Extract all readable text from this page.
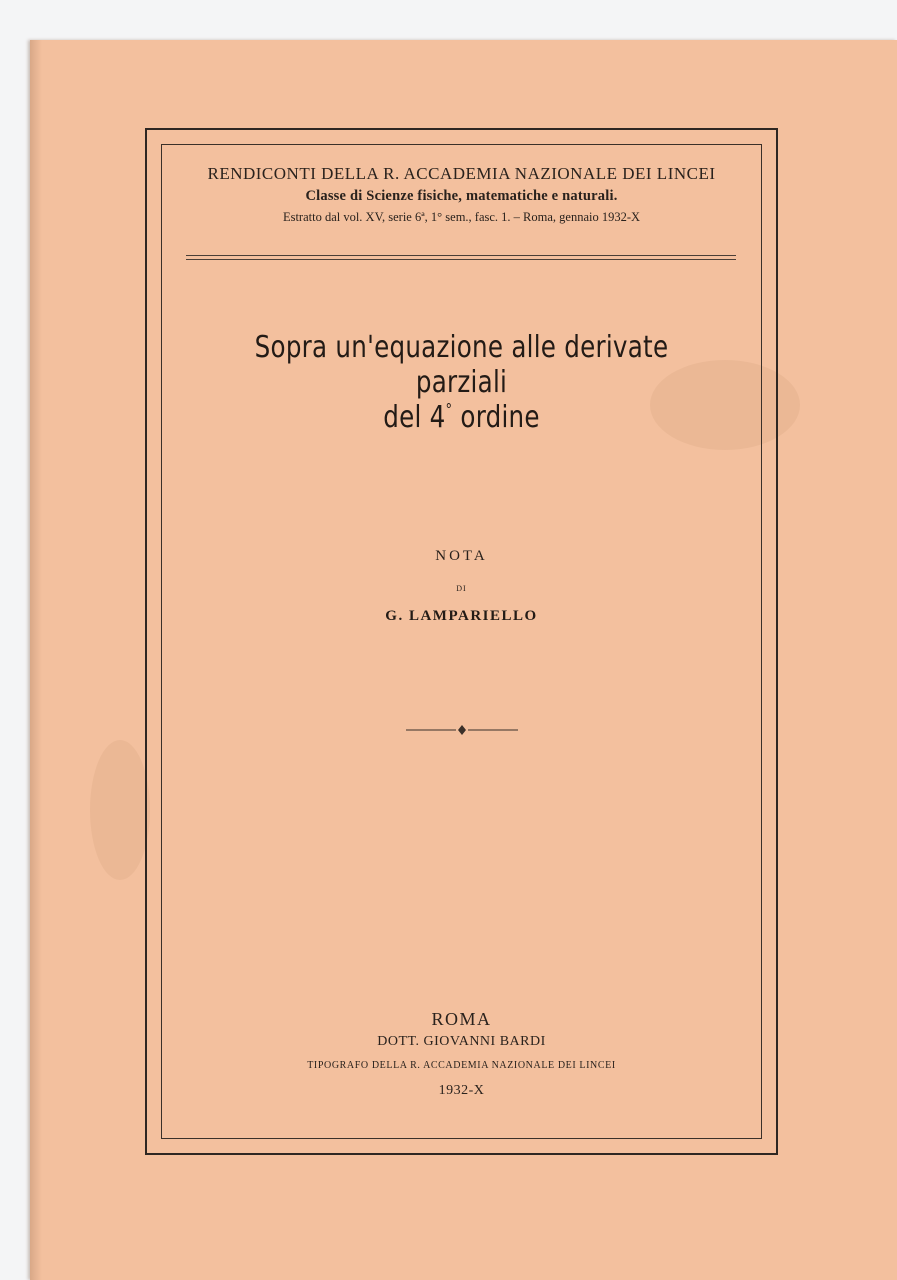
RENDICONTI DELLA R. ACCADEMIA NAZIONALE DEI LINCEI
Classe di Scienze fisiche, matematiche e naturali.
Estratto dal vol. XV, serie 6ª, 1° sem., fasc. 1. – Roma, gennaio 1932-X
Sopra un'equazione alle derivate parziali
del 4° ordine
NOTA
DI
G. LAMPARIELLO
ROMA
DOTT. GIOVANNI BARDI
TIPOGRAFO DELLA R. ACCADEMIA NAZIONALE DEI LINCEI
1932-X
